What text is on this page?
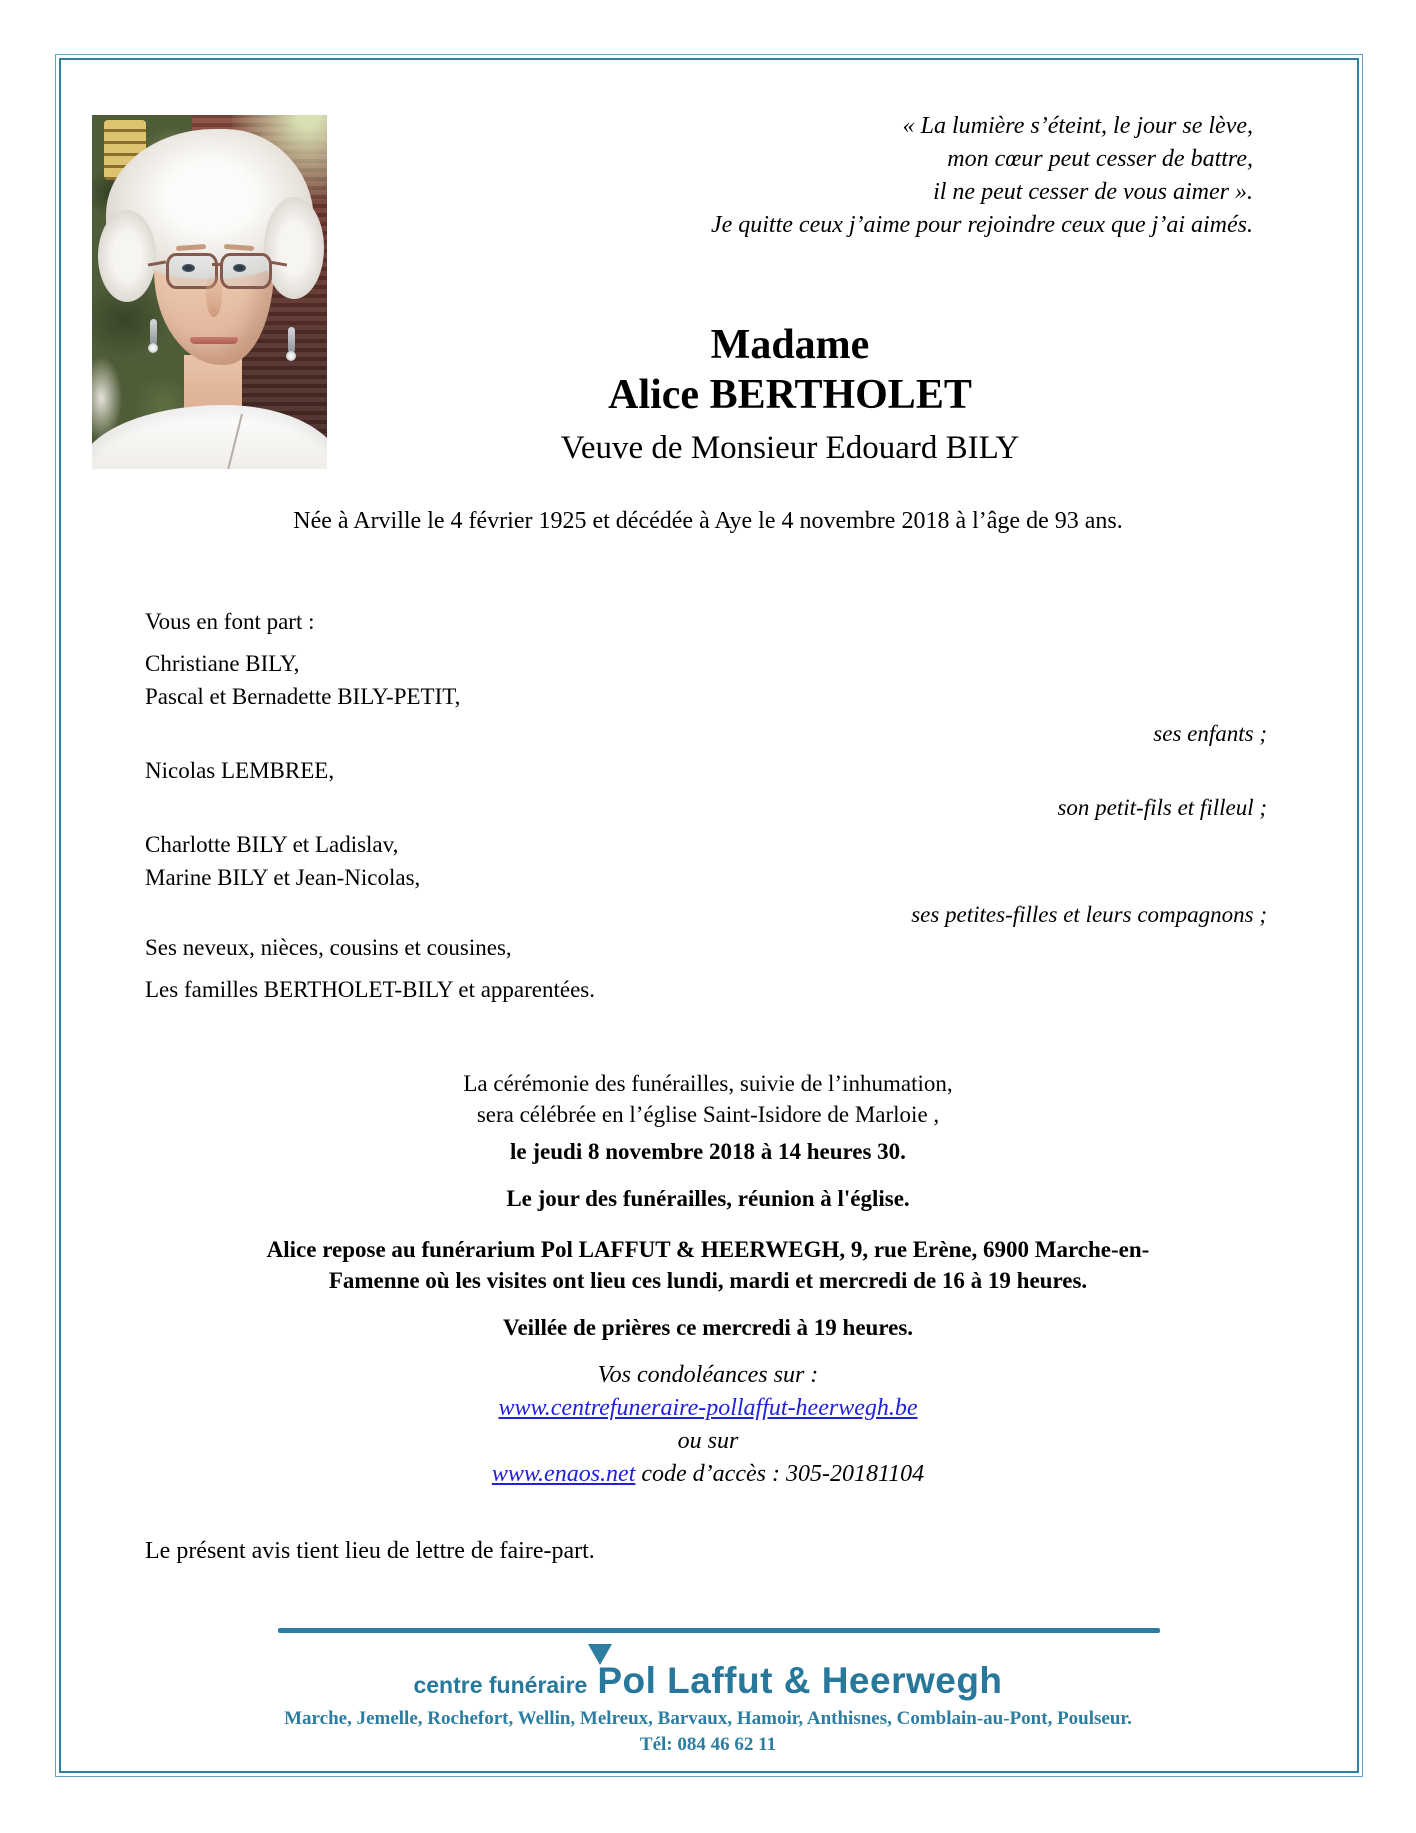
« La lumière s’éteint, le jour se lève,
mon cœur peut cesser de battre,
il ne peut cesser de vous aimer ».
Je quitte ceux j’aime pour rejoindre ceux que j’ai aimés.
Madame
Alice BERTHOLET
Veuve de Monsieur Edouard BILY
Née à Arville le 4 février 1925 et décédée à Aye le 4 novembre 2018 à l’âge de 93 ans.
Vous en font part :
Christiane BILY,
Pascal et Bernadette BILY-PETIT,
ses enfants ;
Nicolas LEMBREE,
son petit-fils et filleul ;
Charlotte BILY et Ladislav,
Marine BILY et Jean-Nicolas,
ses petites-filles et leurs compagnons ;
Ses neveux, nièces, cousins et cousines,
Les familles BERTHOLET-BILY et apparentées.
La cérémonie des funérailles, suivie de l’inhumation,
sera célébrée en l’église Saint-Isidore de Marloie ,
le jeudi 8 novembre 2018 à 14 heures 30.
Le jour des funérailles, réunion à l'église.
Alice repose au funérarium Pol LAFFUT & HEERWEGH, 9, rue Erène, 6900 Marche-en-
Famenne où les visites ont lieu ces lundi, mardi et mercredi de 16 à 19 heures.
Veillée de prières ce mercredi à 19 heures.
Vos condoléances sur :
www.centrefuneraire-pollaffut-heerwegh.be
ou sur
www.enaos.net code d’accès : 305-20181104
Le présent avis tient lieu de lettre de faire-part.
centre funéraire Pol Laffut & Heerwegh
Marche, Jemelle, Rochefort, Wellin, Melreux, Barvaux, Hamoir, Anthisnes, Comblain-au-Pont, Poulseur.
Tél: 084 46 62 11
